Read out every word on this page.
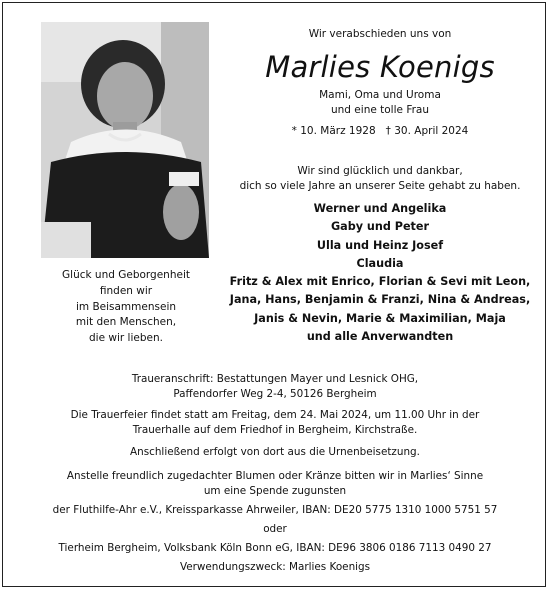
Glück und Geborgenheit
finden wir
im Beisammensein
mit den Menschen,
die wir lieben.
Wir verabschieden uns von
Marlies Koenigs
Mami, Oma und Uroma
und eine tolle Frau
* 10. März 1928   † 30. April 2024
Wir sind glücklich und dankbar,
dich so viele Jahre an unserer Seite gehabt zu haben.
Werner und Angelika
Gaby und Peter
Ulla und Heinz Josef
Claudia
Fritz & Alex mit Enrico, Florian & Sevi mit Leon,
Jana, Hans, Benjamin & Franzi, Nina & Andreas,
Janis & Nevin, Marie & Maximilian, Maja
und alle Anverwandten
Traueranschrift: Bestattungen Mayer und Lesnick OHG,
Paffendorfer Weg 2-4, 50126 Bergheim
Die Trauerfeier findet statt am Freitag, dem 24. Mai 2024, um 11.00 Uhr in der
Trauerhalle auf dem Friedhof in Bergheim, Kirchstraße.
Anschließend erfolgt von dort aus die Urnenbeisetzung.
Anstelle freundlich zugedachter Blumen oder Kränze bitten wir in Marlies‘ Sinne
um eine Spende zugunsten
der Fluthilfe-Ahr e.V., Kreissparkasse Ahrweiler, IBAN: DE20 5775 1310 1000 5751 57
oder
Tierheim Bergheim, Volksbank Köln Bonn eG, IBAN: DE96 3806 0186 7113 0490 27
Verwendungszweck: Marlies Koenigs
